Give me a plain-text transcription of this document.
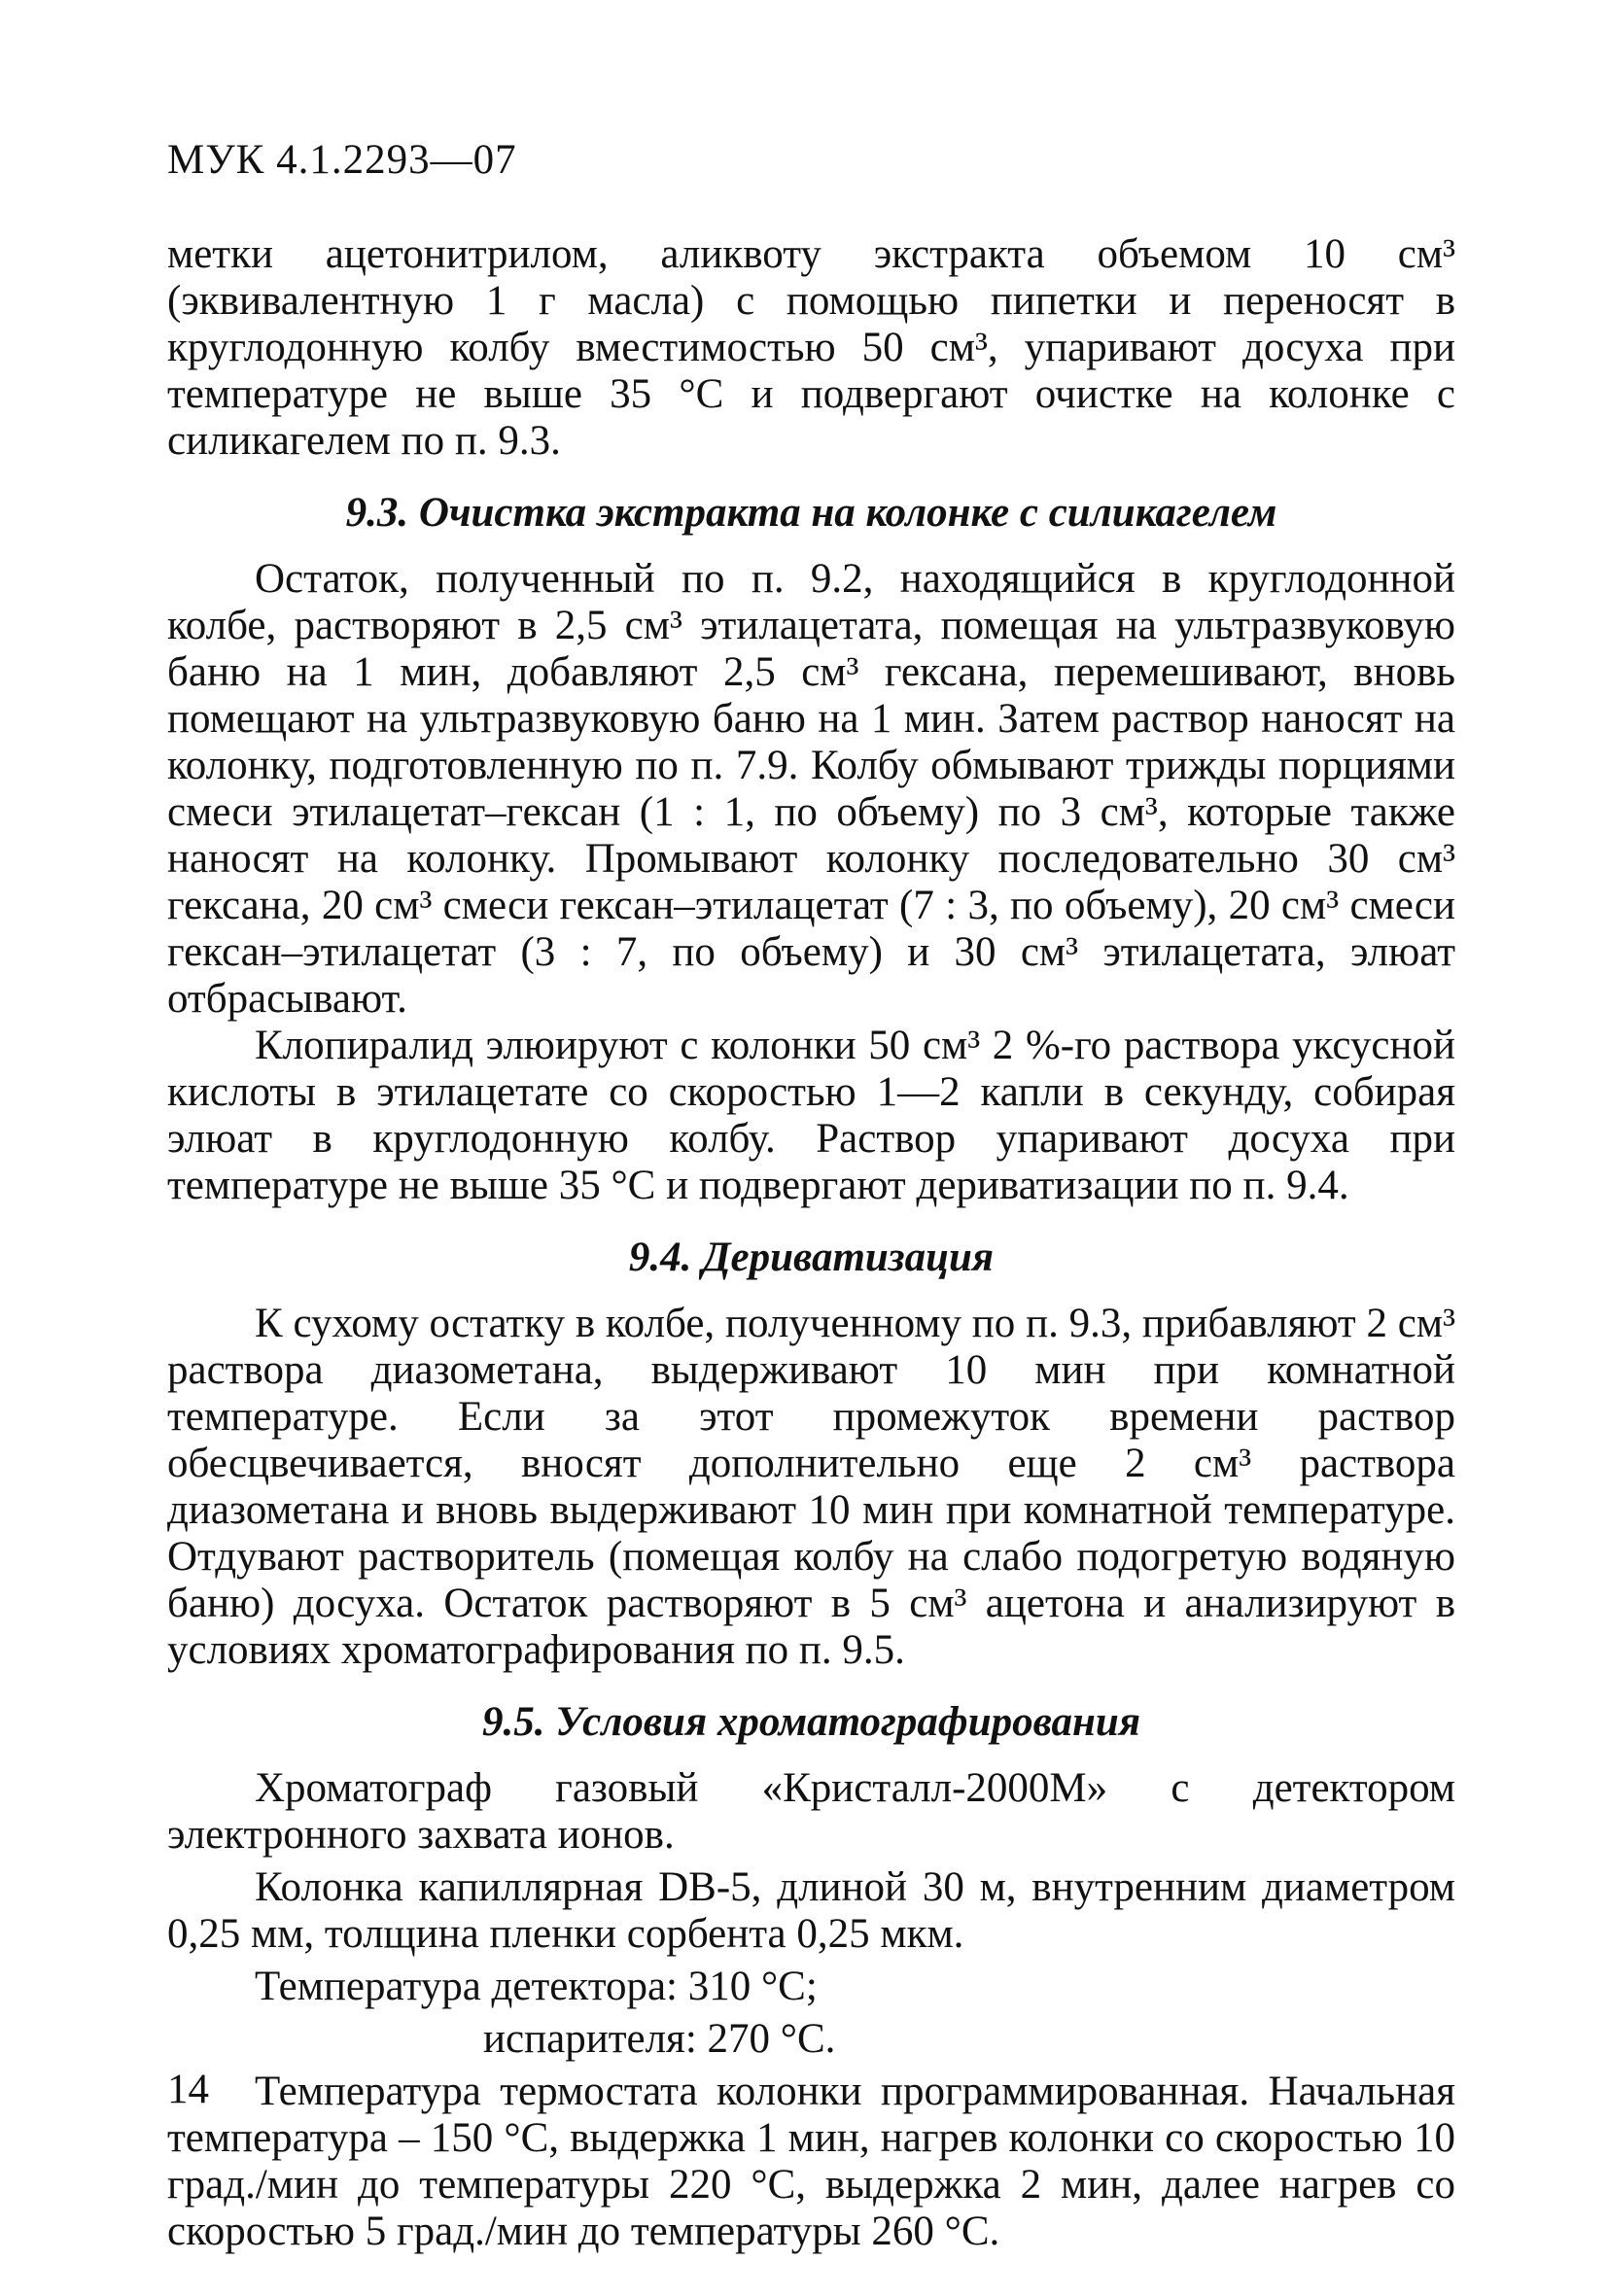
МУК 4.1.2293—07

метки ацетонитрилом, аликвоту экстракта объемом 10 см³ (эквивалентную 1 г масла) с помощью пипетки и переносят в круглодонную колбу вместимостью 50 см³, упаривают досуха при температуре не выше 35 °С и подвергают очистке на колонке с силикагелем по п. 9.3.

9.3. Очистка экстракта на колонке с силикагелем

Остаток, полученный по п. 9.2, находящийся в круглодонной колбе, растворяют в 2,5 см³ этилацетата, помещая на ультразвуковую баню на 1 мин, добавляют 2,5 см³ гексана, перемешивают, вновь помещают на ультразвуковую баню на 1 мин. Затем раствор наносят на колонку, подготовленную по п. 7.9. Колбу обмывают трижды порциями смеси этилацетат–гексан (1 : 1, по объему) по 3 см³, которые также наносят на колонку. Промывают колонку последовательно 30 см³ гексана, 20 см³ смеси гексан–этилацетат (7 : 3, по объему), 20 см³ смеси гексан–этилацетат (3 : 7, по объему) и 30 см³ этилацетата, элюат отбрасывают.

Клопиралид элюируют с колонки 50 см³ 2 %-го раствора уксусной кислоты в этилацетате со скоростью 1—2 капли в секунду, собирая элюат в круглодонную колбу. Раствор упаривают досуха при температуре не выше 35 °С и подвергают дериватизации по п. 9.4.

9.4. Дериватизация

К сухому остатку в колбе, полученному по п. 9.3, прибавляют 2 см³ раствора диазометана, выдерживают 10 мин при комнатной температуре. Если за этот промежуток времени раствор обесцвечивается, вносят дополнительно еще 2 см³ раствора диазометана и вновь выдерживают 10 мин при комнатной температуре. Отдувают растворитель (помещая колбу на слабо подогретую водяную баню) досуха. Остаток растворяют в 5 см³ ацетона и анализируют в условиях хроматографирования по п. 9.5.

9.5. Условия хроматографирования

Хроматограф газовый «Кристалл-2000М» с детектором электронного захвата ионов.

Колонка капиллярная DB-5, длиной 30 м, внутренним диаметром 0,25 мм, толщина пленки сорбента 0,25 мкм.

Температура детектора: 310 °С;

испарителя: 270 °С.

Температура термостата колонки программированная. Начальная температура – 150 °С, выдержка 1 мин, нагрев колонки со скоростью 10 град./мин до температуры 220 °С, выдержка 2 мин, далее нагрев со скоростью 5 град./мин до температуры 260 °С.

14
